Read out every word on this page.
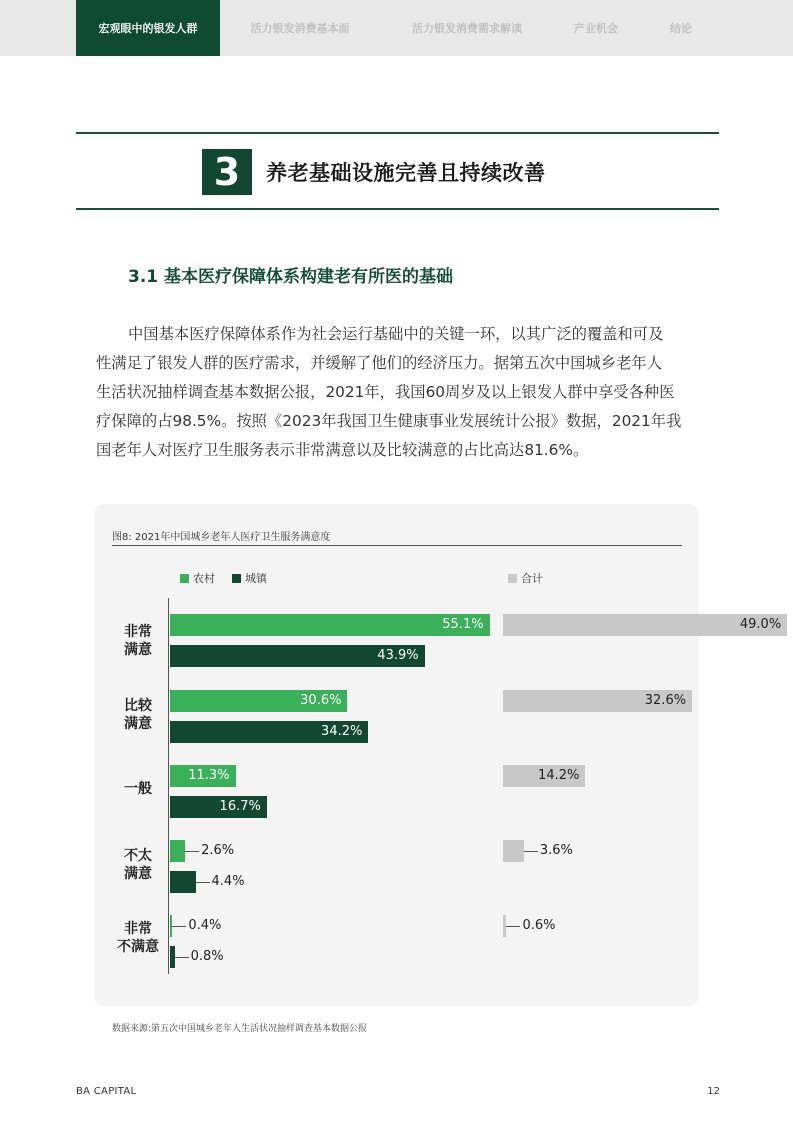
宏观眼中的银发人群	活力银发消费基本面	活力银发消费需求解读	产业机会	结论
3	养老基础设施完善且持续改善
3.1 基本医疗保障体系构建老有所医的基础
中国基本医疗保障体系作为社会运行基础中的关键一环，以其广泛的覆盖和可及
性满足了银发人群的医疗需求，并缓解了他们的经济压力。据第五次中国城乡老年人
生活状况抽样调查基本数据公报，2021年，我国60周岁及以上银发人群中享受各种医
疗保障的占98.5%。按照《2023年我国卫生健康事业发展统计公报》数据，2021年我
国老年人对医疗卫生服务表示非常满意以及比较满意的占比高达81.6%。
图8: 2021年中国城乡老年人医疗卫生服务满意度
农村	城镇	合计
非常
满意
55.1%
43.9%
49.0%
比较
满意
30.6%
34.2%
32.6%
一般
11.3%
16.7%
14.2%
不太
满意
2.6%
4.4%
3.6%
非常
不满意
0.4%
0.8%
0.6%
数据来源:第五次中国城乡老年人生活状况抽样调查基本数据公报
BA CAPITAL	12
